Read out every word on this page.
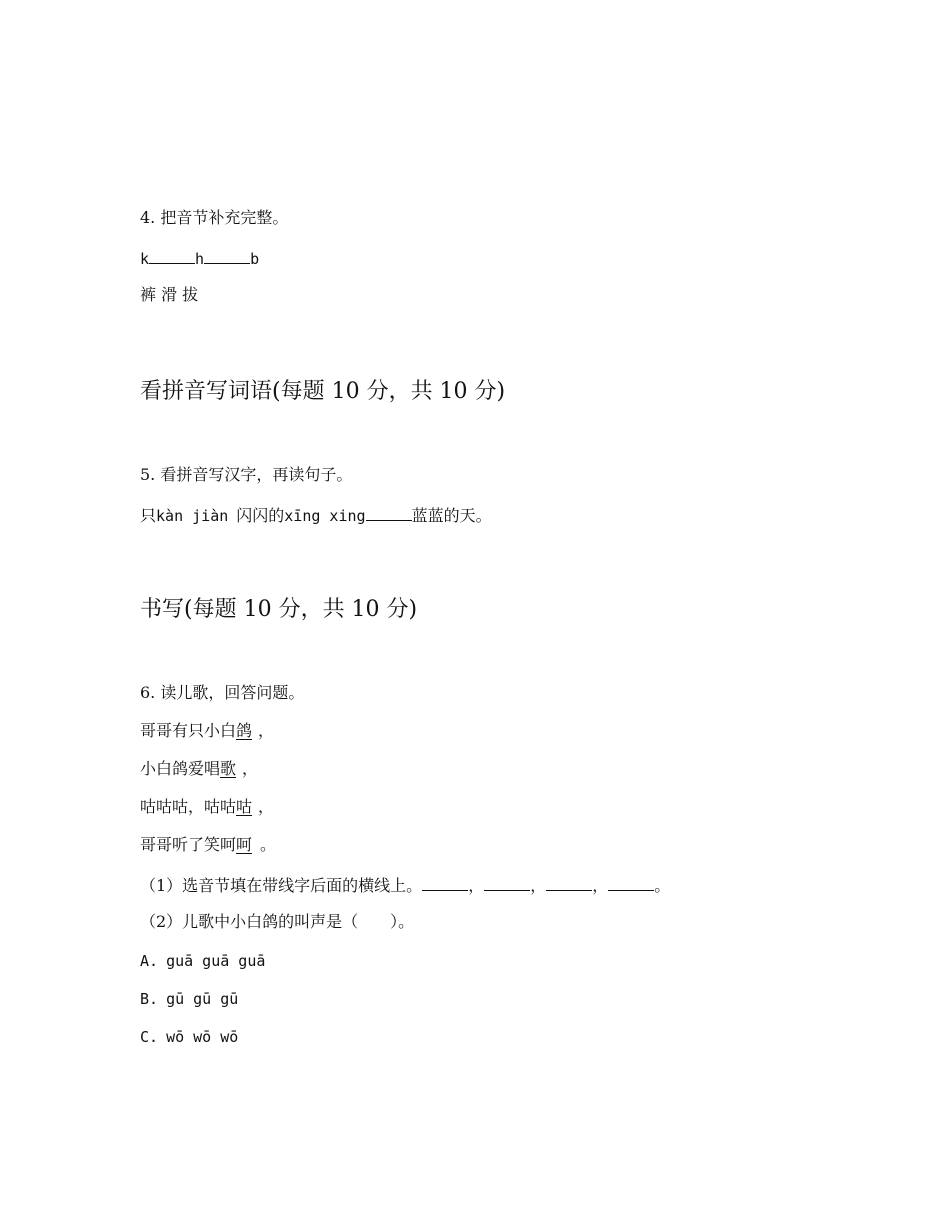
4. 把音节补充完整。
k	h	b
裤 滑 拔
看拼音写词语(每题 10 分，共 10 分)
5. 看拼音写汉字，再读句子。
只kàn jiàn 闪闪的xīng xing	蓝蓝的天。
书写(每题 10 分，共 10 分)
6. 读儿歌，回答问题。
哥哥有只小白鸽 ，
小白鸽爱唱歌 ，
咕咕咕，咕咕咕 ，
哥哥听了笑呵呵 。
（1）选音节填在带线字后面的横线上。	，	，	，	。
（2）儿歌中小白鸽的叫声是（　　）。
A. guā guā guā
B. gū gū gū
C. wō wō wō
